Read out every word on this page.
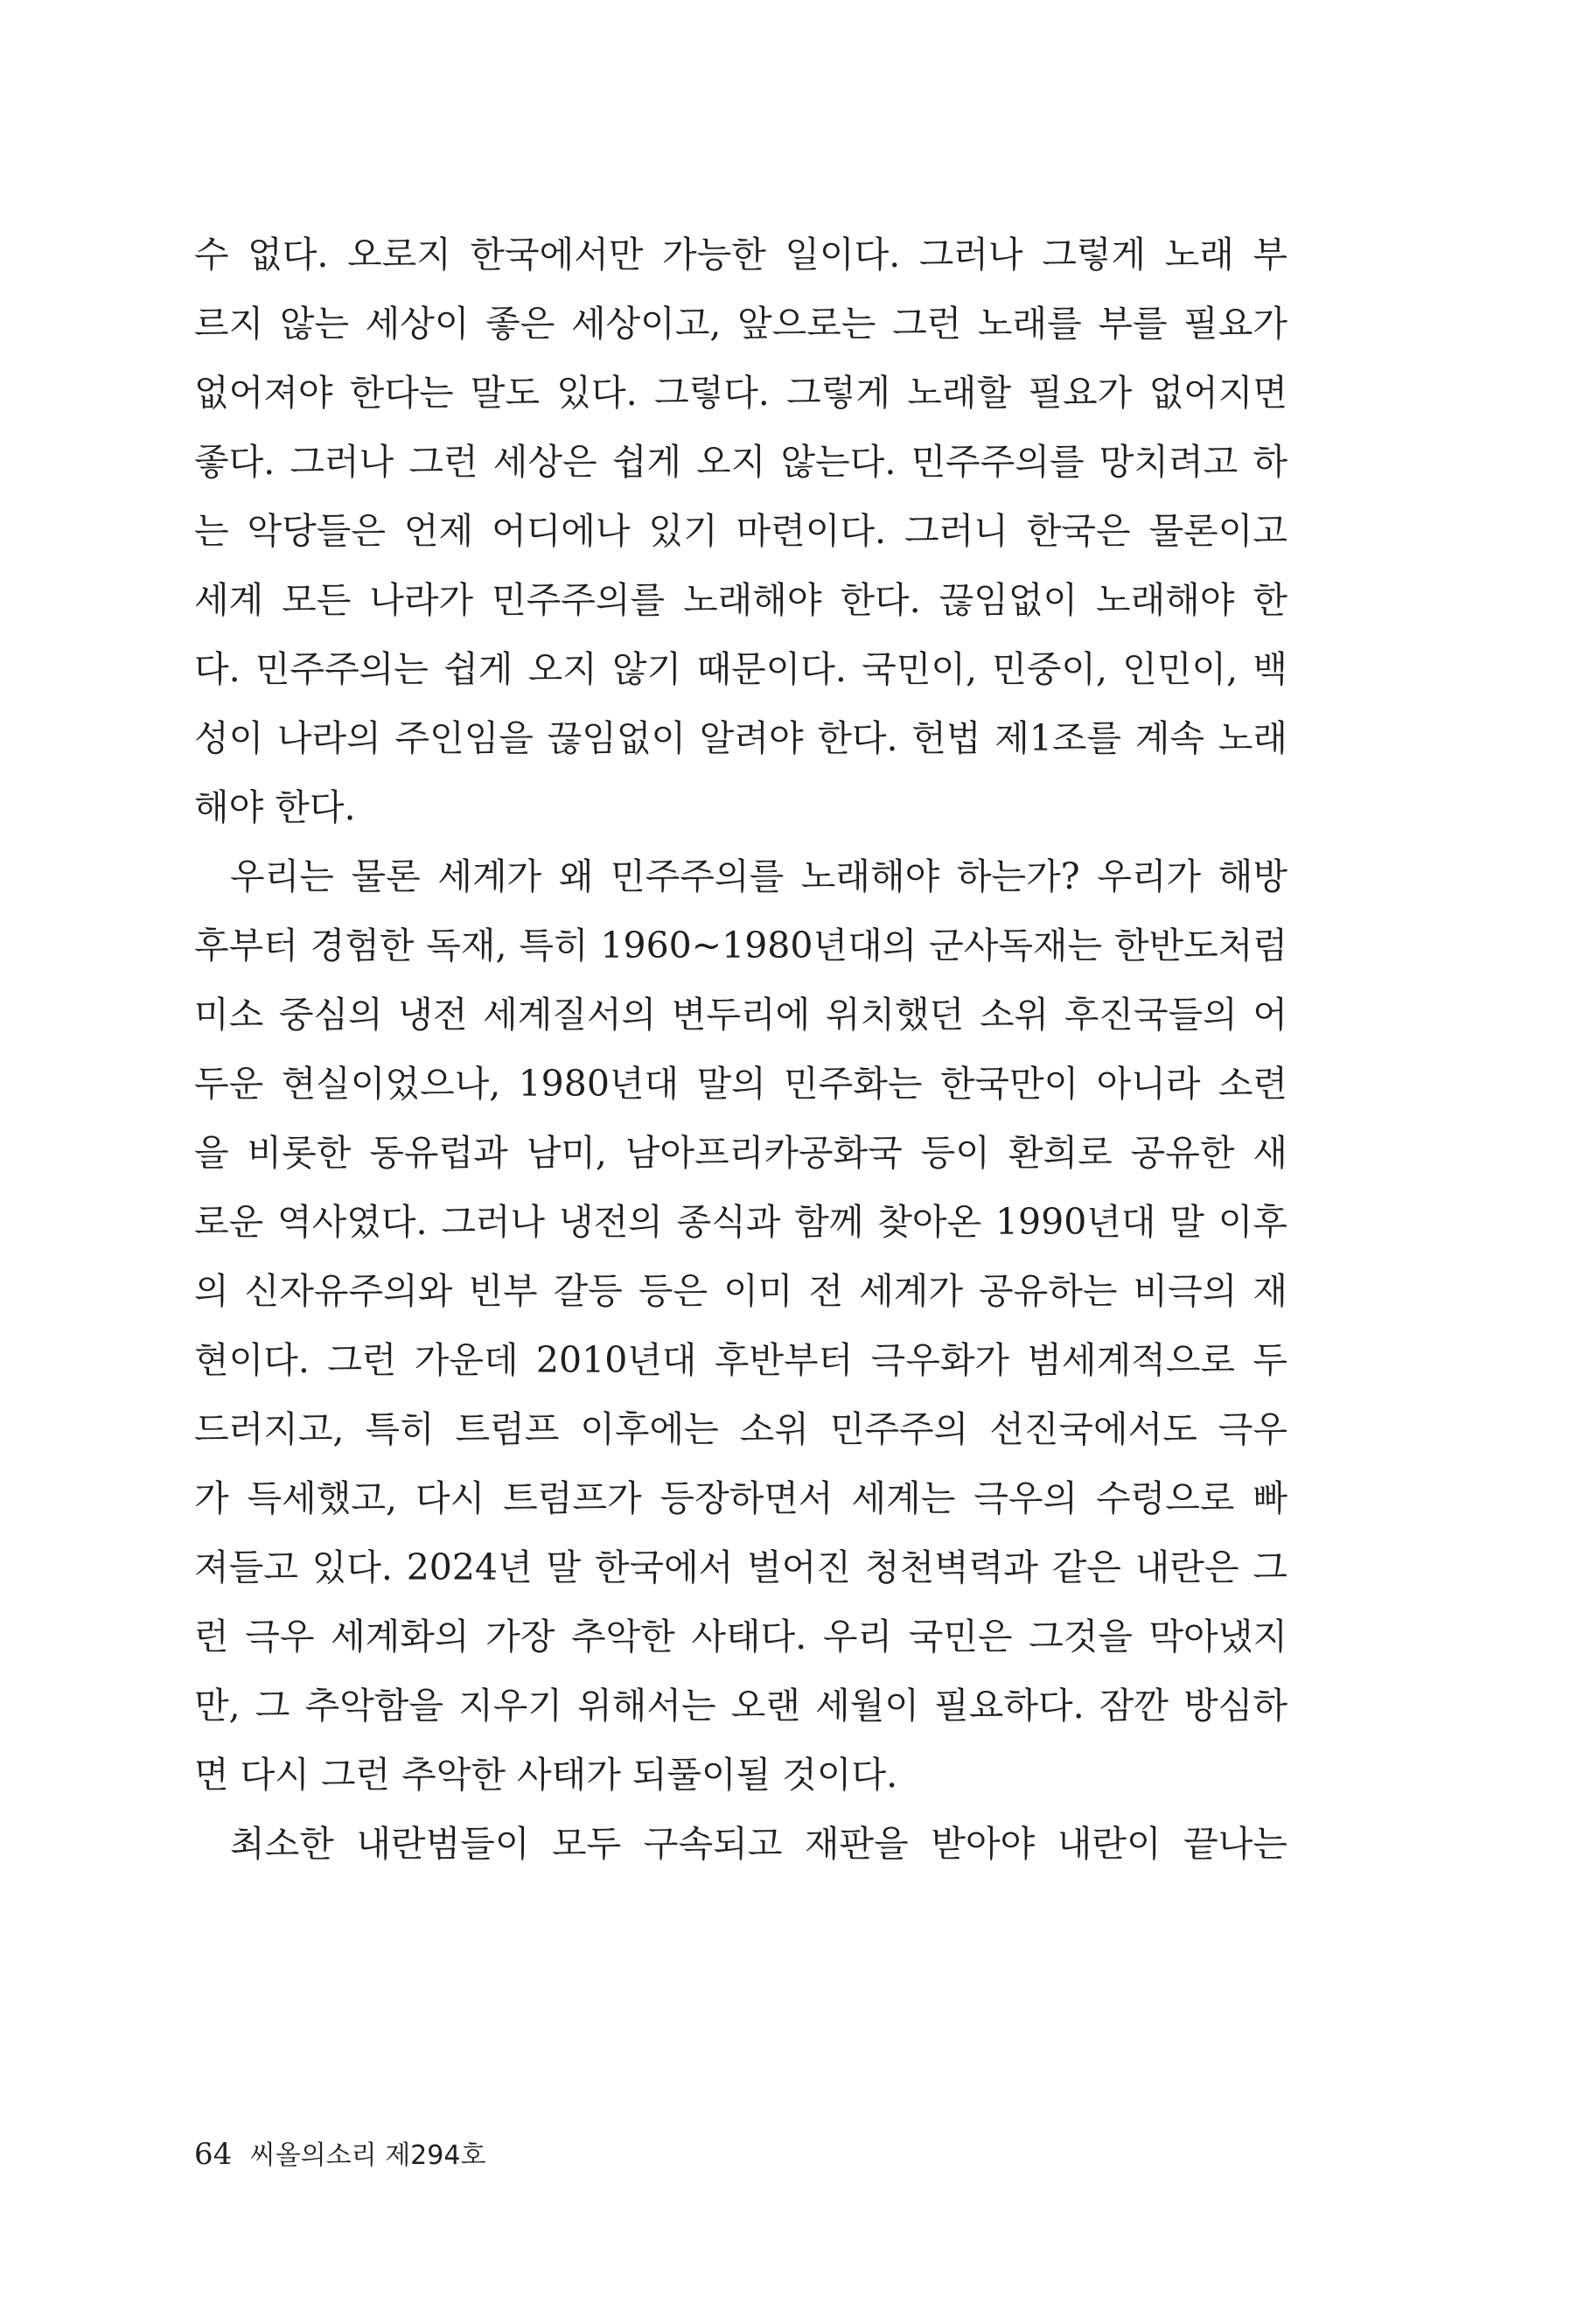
수 없다. 오로지 한국에서만 가능한 일이다. 그러나 그렇게 노래 부
르지 않는 세상이 좋은 세상이고, 앞으로는 그런 노래를 부를 필요가
없어져야 한다는 말도 있다. 그렇다. 그렇게 노래할 필요가 없어지면
좋다. 그러나 그런 세상은 쉽게 오지 않는다. 민주주의를 망치려고 하
는 악당들은 언제 어디에나 있기 마련이다. 그러니 한국은 물론이고
세계 모든 나라가 민주주의를 노래해야 한다. 끊임없이 노래해야 한
다. 민주주의는 쉽게 오지 않기 때문이다. 국민이, 민중이, 인민이, 백
성이 나라의 주인임을 끊임없이 알려야 한다. 헌법 제1조를 계속 노래
해야 한다.
우리는 물론 세계가 왜 민주주의를 노래해야 하는가? 우리가 해방
후부터 경험한 독재, 특히 1960~1980년대의 군사독재는 한반도처럼
미소 중심의 냉전 세계질서의 변두리에 위치했던 소위 후진국들의 어
두운 현실이었으나, 1980년대 말의 민주화는 한국만이 아니라 소련
을 비롯한 동유럽과 남미, 남아프리카공화국 등이 환희로 공유한 새
로운 역사였다. 그러나 냉전의 종식과 함께 찾아온 1990년대 말 이후
의 신자유주의와 빈부 갈등 등은 이미 전 세계가 공유하는 비극의 재
현이다. 그런 가운데 2010년대 후반부터 극우화가 범세계적으로 두
드러지고, 특히 트럼프 이후에는 소위 민주주의 선진국에서도 극우
가 득세했고, 다시 트럼프가 등장하면서 세계는 극우의 수렁으로 빠
져들고 있다. 2024년 말 한국에서 벌어진 청천벽력과 같은 내란은 그
런 극우 세계화의 가장 추악한 사태다. 우리 국민은 그것을 막아냈지
만, 그 추악함을 지우기 위해서는 오랜 세월이 필요하다. 잠깐 방심하
면 다시 그런 추악한 사태가 되풀이될 것이다.
최소한 내란범들이 모두 구속되고 재판을 받아야 내란이 끝나는
64 씨올의소리 제294호
